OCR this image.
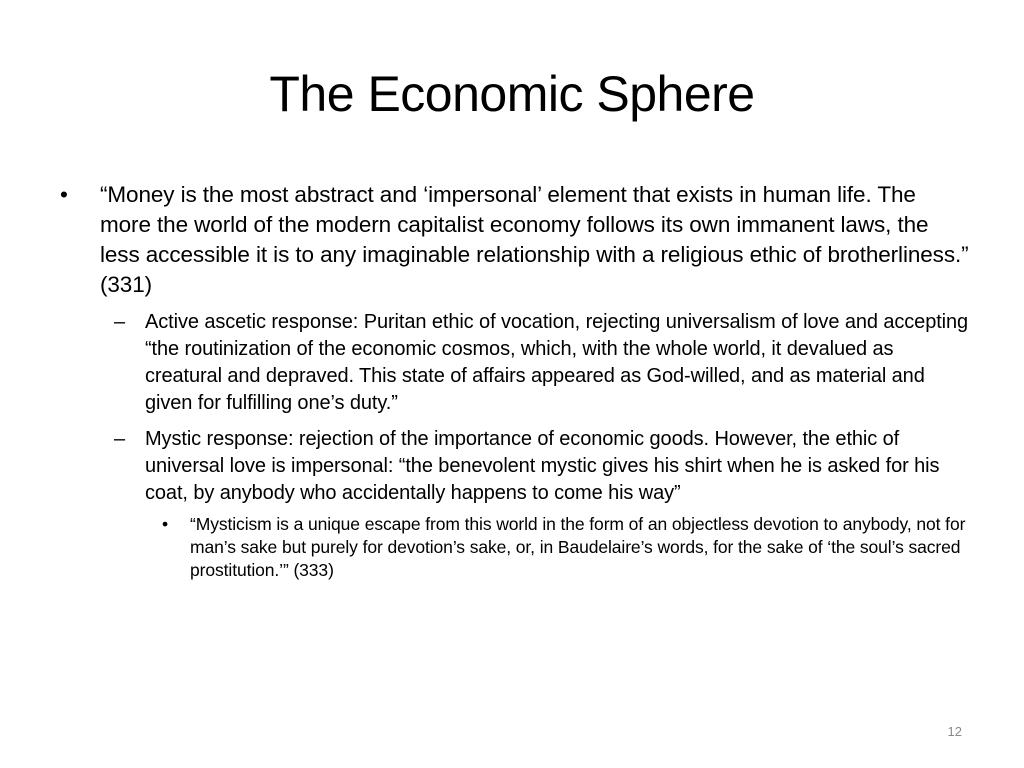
The Economic Sphere
• “Money is the most abstract and ‘impersonal’ element that exists in human life. The more the world of the modern capitalist economy follows its own immanent laws, the less accessible it is to any imaginable relationship with a religious ethic of brotherliness.” (331)
– Active ascetic response: Puritan ethic of vocation, rejecting universalism of love and accepting “the routinization of the economic cosmos, which, with the whole world, it devalued as creatural and depraved. This state of affairs appeared as God-willed, and as material and given for fulfilling one’s duty.”
– Mystic response: rejection of the importance of economic goods. However, the ethic of universal love is impersonal: “the benevolent mystic gives his shirt when he is asked for his coat, by anybody who accidentally happens to come his way”
• “Mysticism is a unique escape from this world in the form of an objectless devotion to anybody, not for man’s sake but purely for devotion’s sake, or, in Baudelaire’s words, for the sake of ‘the soul’s sacred prostitution.’” (333)
12
